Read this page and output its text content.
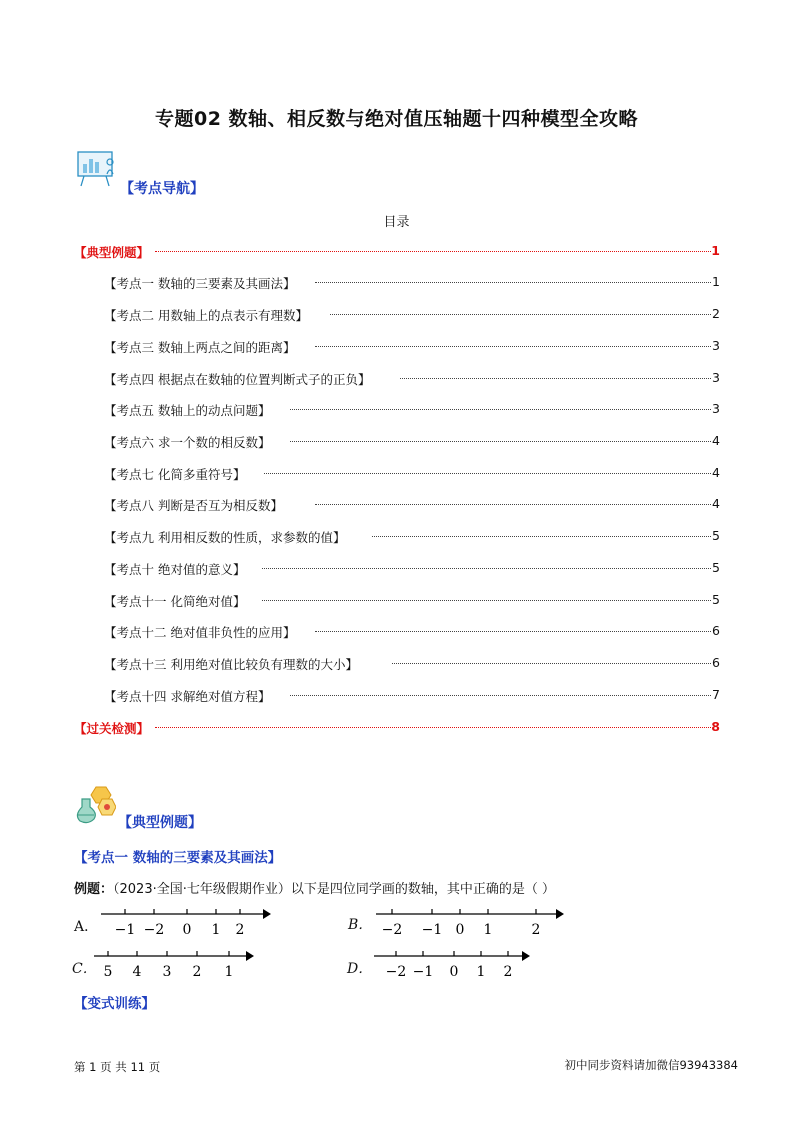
专题02 数轴、相反数与绝对值压轴题十四种模型全攻略
【考点导航】
目录
【典型例题】	1
【考点一 数轴的三要素及其画法】	1
【考点二 用数轴上的点表示有理数】	2
【考点三 数轴上两点之间的距离】	3
【考点四 根据点在数轴的位置判断式子的正负】	3
【考点五 数轴上的动点问题】	3
【考点六 求一个数的相反数】	4
【考点七 化简多重符号】	4
【考点八 判断是否互为相反数】	4
【考点九 利用相反数的性质，求参数的值】	5
【考点十 绝对值的意义】	5
【考点十一 化简绝对值】	5
【考点十二 绝对值非负性的应用】	6
【考点十三 利用绝对值比较负有理数的大小】	6
【考点十四 求解绝对值方程】	7
【过关检测】	8
【典型例题】
【考点一 数轴的三要素及其画法】
例题：（2023·全国·七年级假期作业）以下是四位同学画的数轴，其中正确的是（ ）
A． −1 −2 0 1 2	B． −2 −1 0 1	2
C． 5 4 3 2 1	D． −2 −1 0 1 2
【变式训练】
第 1 页 共 11 页	初中同步资料请加微信93943384
